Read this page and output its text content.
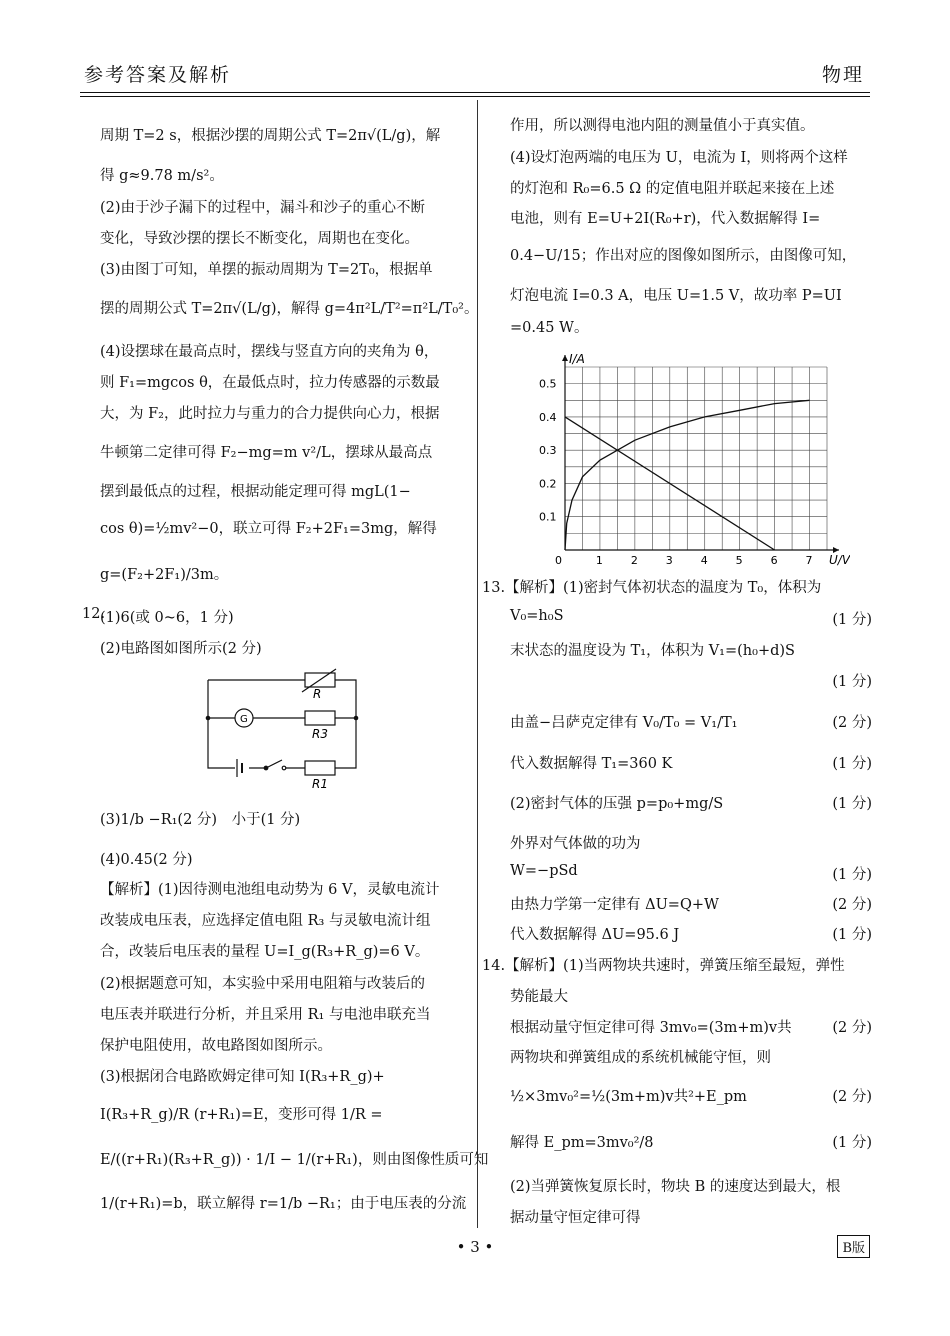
参考答案及解析	物理
周期 T=2 s，根据沙摆的周期公式 T=2π√(L/g)，解
得 g≈9.78 m/s²。
(2)由于沙子漏下的过程中，漏斗和沙子的重心不断
变化，导致沙摆的摆长不断变化，周期也在变化。
(3)由图丁可知，单摆的振动周期为 T=2T₀，根据单
摆的周期公式 T=2π√(L/g)，解得 g=4π²L/T²=π²L/T₀²。
(4)设摆球在最高点时，摆线与竖直方向的夹角为 θ，
则 F₁=mgcos θ，在最低点时，拉力传感器的示数最
大，为 F₂，此时拉力与重力的合力提供向心力，根据
牛顿第二定律可得 F₂−mg=m v²/L，摆球从最高点
摆到最低点的过程，根据动能定理可得 mgL(1−
cos θ)=½mv²−0，联立可得 F₂+2F₁=3mg，解得
g=(F₂+2F₁)/3m。
12.
(1)6(或 0~6，1 分)
(2)电路图如图所示(2 分)
R
G
R3
R1
(3)1/b −R₁(2 分)　小于(1 分)
(4)0.45(2 分)
【解析】(1)因待测电池组电动势为 6 V，灵敏电流计
改装成电压表，应选择定值电阻 R₃ 与灵敏电流计组
合，改装后电压表的量程 U=I_g(R₃+R_g)=6 V。
(2)根据题意可知，本实验中采用电阻箱与改装后的
电压表并联进行分析，并且采用 R₁ 与电池串联充当
保护电阻使用，故电路图如图所示。
(3)根据闭合电路欧姆定律可知 I(R₃+R_g)+
I(R₃+R_g)/R (r+R₁)=E，变形可得 1/R =
E/((r+R₁)(R₃+R_g)) · 1/I − 1/(r+R₁)，则由图像性质可知
1/(r+R₁)=b，联立解得 r=1/b −R₁；由于电压表的分流
作用，所以测得电池内阻的测量值小于真实值。
(4)设灯泡两端的电压为 U，电流为 I，则将两个这样
的灯泡和 R₀=6.5 Ω 的定值电阻并联起来接在上述
电池，则有 E=U+2I(R₀+r)，代入数据解得 I=
0.4−U/15；作出对应的图像如图所示，由图像可知，
灯泡电流 I=0.3 A，电压 U=1.5 V，故功率 P=UI
=0.45 W。
0	1	2	3	4	5	6	7
0.1
0.2
0.3
0.4
0.5
I/A
U/V
13.【解析】(1)密封气体初状态的温度为 T₀，体积为
V₀=h₀S	(1 分)
末状态的温度设为 T₁，体积为 V₁=(h₀+d)S
(1 分)
由盖−吕萨克定律有 V₀/T₀ = V₁/T₁	(2 分)
代入数据解得 T₁=360 K	(1 分)
(2)密封气体的压强 p=p₀+mg/S	(1 分)
外界对气体做的功为
W=−pSd	(1 分)
由热力学第一定律有 ΔU=Q+W	(2 分)
代入数据解得 ΔU=95.6 J	(1 分)
14.【解析】(1)当两物块共速时，弹簧压缩至最短，弹性
势能最大
根据动量守恒定律可得 3mv₀=(3m+m)v共	(2 分)
两物块和弹簧组成的系统机械能守恒，则
½×3mv₀²=½(3m+m)v共²+E_pm	(2 分)
解得 E_pm=3mv₀²/8	(1 分)
(2)当弹簧恢复原长时，物块 B 的速度达到最大，根
据动量守恒定律可得
• 3 •	B版
